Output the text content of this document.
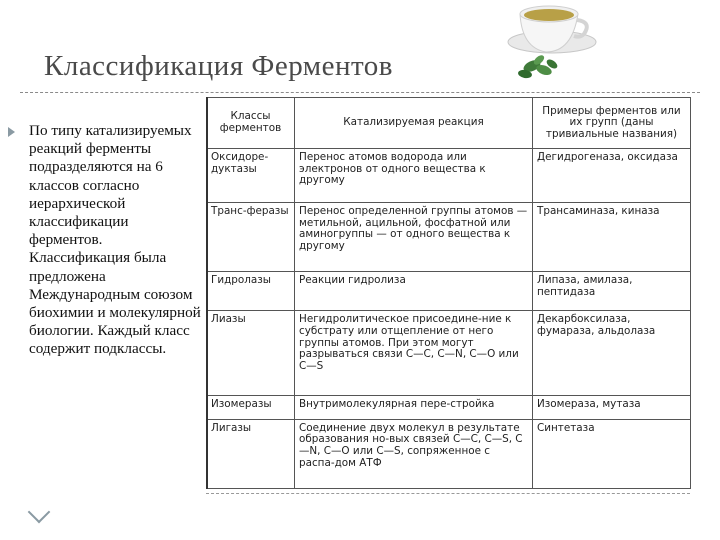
Классификация Ферментов
По типу катализируемых реакций ферменты подразделяются на 6 классов согласно иерархической классификации ферментов. Классификация была предложена Международным союзом биохимии и молекулярной биологии. Каждый класс содержит подклассы.
Классы ферментов	Катализируемая реакция	Примеры ферментов или их групп (даны тривиальные названия)
Оксидоре-дуктазы	Перенос атомов водорода или электронов от одного вещества к другому	Дегидрогеназа, оксидаза
Транс-феразы	Перенос определенной группы атомов — метильной, ацильной, фосфатной или аминогруппы — от одного вещества к другому	Трансаминаза, киназа
Гидролазы	Реакции гидролиза	Липаза, амилаза, пептидаза
Лиазы	Негидролитическое присоедине-ние к субстрату или отщепление от него группы атомов. При этом могут разрываться связи С—С, С—N, С—О или С—S	Декарбоксилаза, фумараза, альдолаза
Изомеразы	Внутримолекулярная пере-стройка	Изомераза, мутаза
Лигазы	Соединение двух молекул в результате образования но-вых связей С—С, С—S, С—N, С—О или С—S, сопряженное с распа-дом АТФ	Синтетаза
